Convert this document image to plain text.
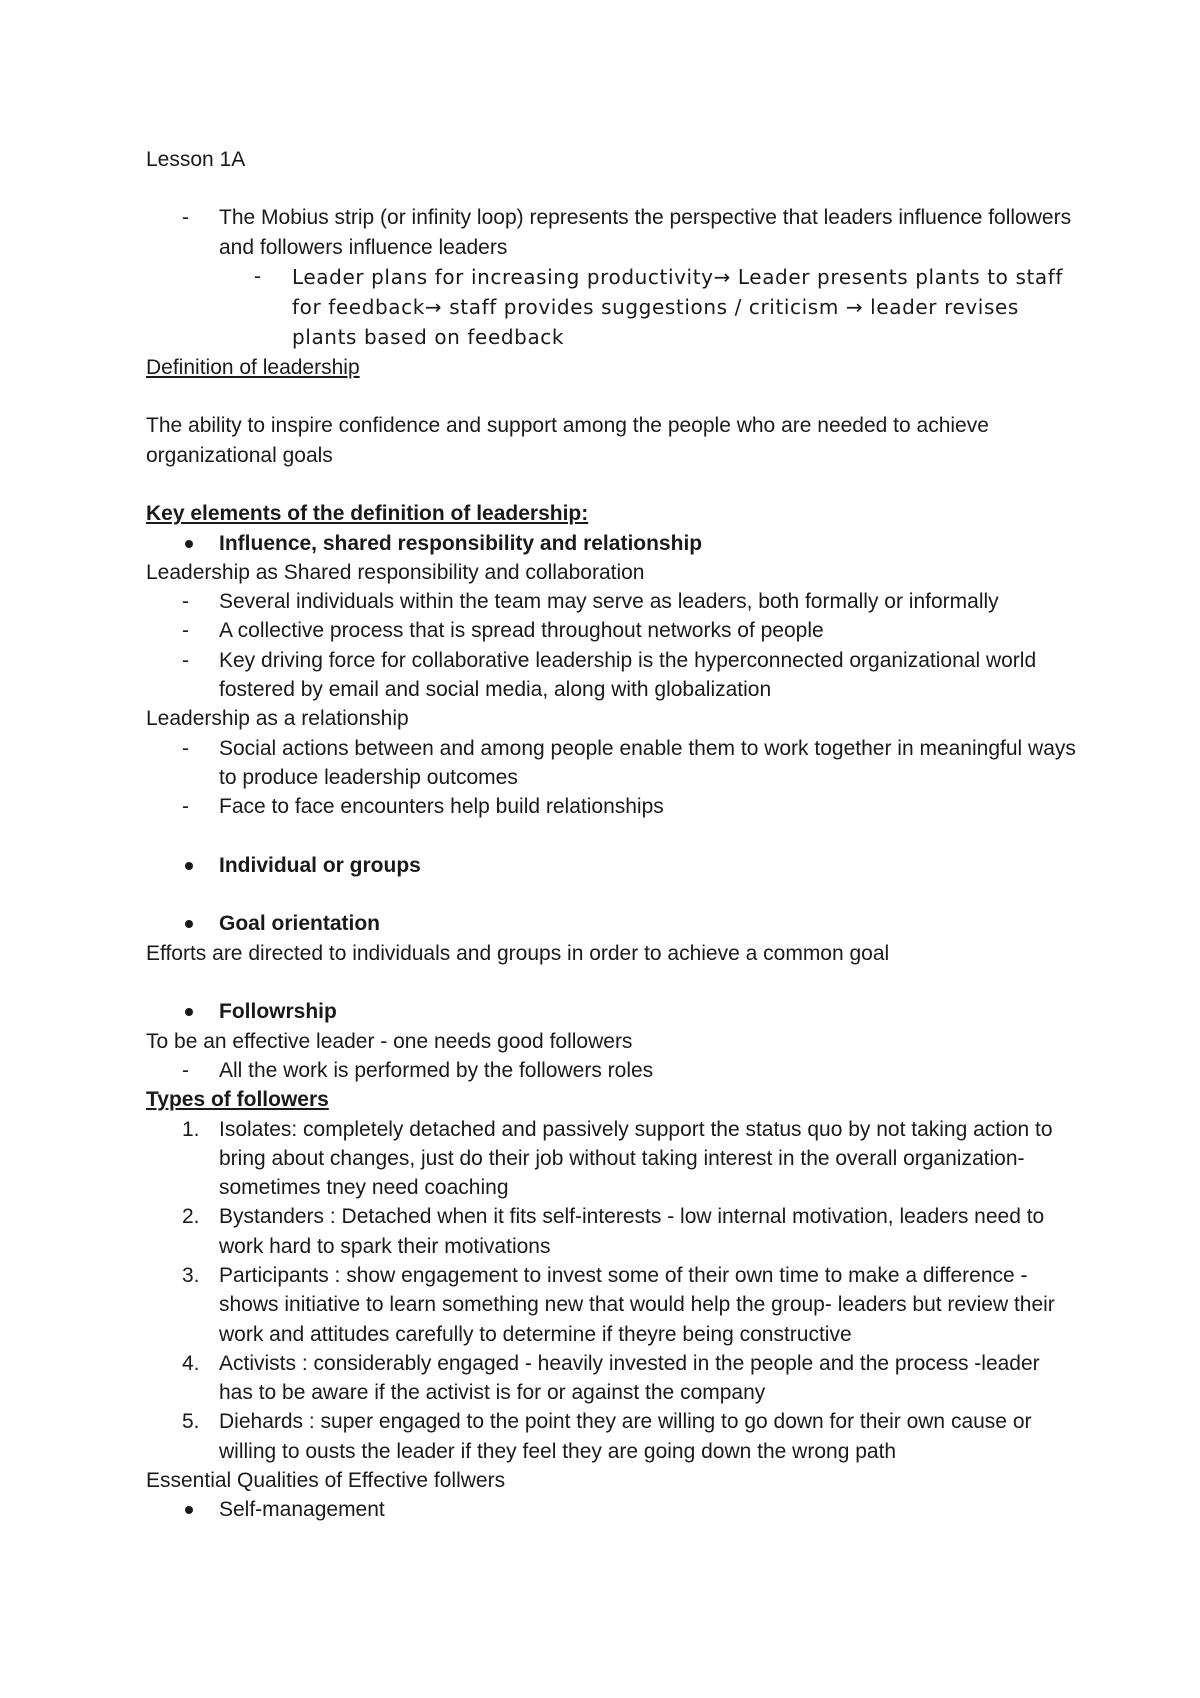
Lesson 1A

- The Mobius strip (or infinity loop) represents the perspective that leaders influence followers and followers influence leaders
- Leader plans for increasing productivity→ Leader presents plants to staff for feedback→ staff provides suggestions / criticism → leader revises plants based on feedback

Definition of leadership

The ability to inspire confidence and support among the people who are needed to achieve organizational goals

Key elements of the definition of leadership:

Influence, shared responsibility and relationship

Leadership as Shared responsibility and collaboration

- Several individuals within the team may serve as leaders, both formally or informally
- A collective process that is spread throughout networks of people
- Key driving force for collaborative leadership is the hyperconnected organizational world fostered by email and social media, along with globalization

Leadership as a relationship

- Social actions between and among people enable them to work together in meaningful ways to produce leadership outcomes
- Face to face encounters help build relationships
Individual or groups
Goal orientation

Efforts are directed to individuals and groups in order to achieve a common goal

Followrship

To be an effective leader - one needs good followers

- All the work is performed by the followers roles

Types of followers

1. Isolates: completely detached and passively support the status quo by not taking action to bring about changes, just do their job without taking interest in the overall organization- sometimes tney need coaching
2. Bystanders : Detached when it fits self-interests - low internal motivation, leaders need to work hard to spark their motivations
3. Participants : show engagement to invest some of their own time to make a difference - shows initiative to learn something new that would help the group- leaders but review their work and attitudes carefully to determine if theyre being constructive
4. Activists : considerably engaged - heavily invested in the people and the process -leader has to be aware if the activist is for or against the company
5. Diehards : super engaged to the point they are willing to go down for their own cause or willing to ousts the leader if they feel they are going down the wrong path

Essential Qualities of Effective follwers

Self-management
